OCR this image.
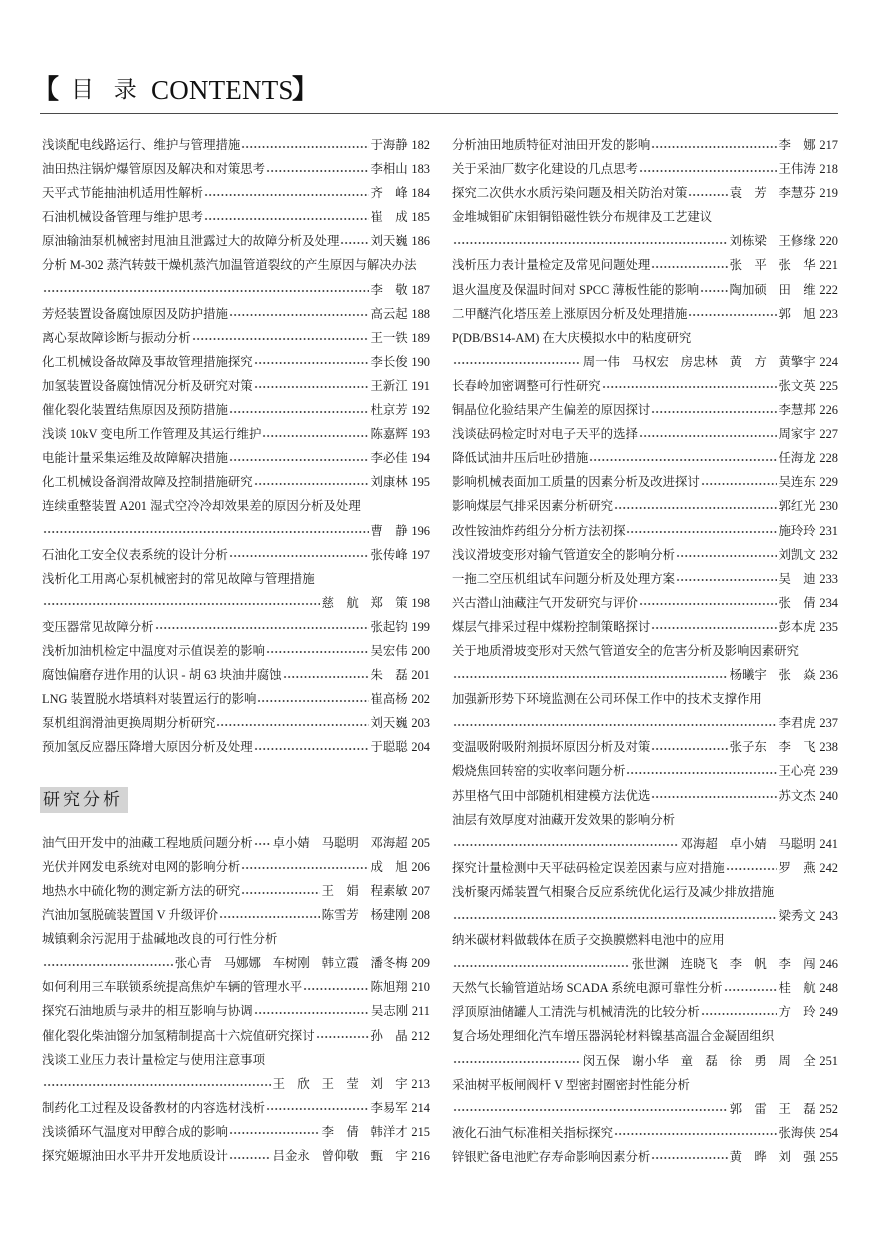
【 目 录 CONTENTS
】
浅谈配电线路运行、维护与管理措施	于海静 182
油田热注锅炉爆管原因及解决和对策思考	李相山 183
天平式节能抽油机适用性解析	齐　峰 184
石油机械设备管理与维护思考	崔　成 185
原油输油泵机械密封甩油且泄露过大的故障分析及处理	刘天巍 186
分析 M-302 蒸汽转鼓干燥机蒸汽加温管道裂纹的产生原因与解决办法
李　敬 187
芳烃装置设备腐蚀原因及防护措施	高云起 188
离心泵故障诊断与振动分析	王一铁 189
化工机械设备故障及事故管理措施探究	李长俊 190
加氢装置设备腐蚀情况分析及研究对策	王新江 191
催化裂化装置结焦原因及预防措施	杜京芳 192
浅谈 10kV 变电所工作管理及其运行维护	陈嘉辉 193
电能计量采集运维及故障解决措施	李必佳 194
化工机械设备润滑故障及控制措施研究	刘康林 195
连续重整装置 A201 湿式空冷冷却效果差的原因分析及处理
曹　静 196
石油化工安全仪表系统的设计分析	张传峰 197
浅析化工用离心泵机械密封的常见故障与管理措施
慈　航 郑　策 198
变压器常见故障分析	张起钧 199
浅析加油机检定中温度对示值误差的影响	吴宏伟 200
腐蚀偏磨存进作用的认识 - 胡 63 块油井腐蚀	朱　磊 201
LNG 装置脱水塔填料对装置运行的影响	崔高杨 202
泵机组润滑油更换周期分析研究	刘天巍 203
预加氢反应器压降增大原因分析及处理	于聪聪 204
研究分析
油气田开发中的油藏工程地质问题分析 卓小婧 马聪明 邓海超 205
光伏并网发电系统对电网的影响分析	成　旭 206
地热水中硫化物的测定新方法的研究	王　娟 程素敏 207
汽油加氢脱硫装置国 V 升级评价	陈雪芳 杨建刚 208
城镇剩余污泥用于盐碱地改良的可行性分析
张心青 马娜娜 车树刚 韩立霞 潘冬梅 209
如何利用三车联锁系统提高焦炉车辆的管理水平	陈旭翔 210
探究石油地质与录井的相互影响与协调	吴志刚 211
催化裂化柴油馏分加氢精制提高十六烷值研究探讨	孙　晶 212
浅谈工业压力表计量检定与使用注意事项
王　欣 王　莹 刘　宇 213
制药化工过程及设备教材的内容选材浅析	李易军 214
浅谈循环气温度对甲醇合成的影响	李　倩 韩洋才 215
探究姬塬油田水平井开发地质设计	吕金永 曾仰敬 甄　宇 216
分析油田地质特征对油田开发的影响	李　娜 217
关于采油厂数字化建设的几点思考	王伟涛 218
探究二次供水水质污染问题及相关防治对策	袁　芳 李慧芬 219
金堆城钼矿床钼铜铅磁性铁分布规律及工艺建议
刘栋梁 王修缘 220
浅析压力表计量检定及常见问题处理	张　平 张　华 221
退火温度及保温时间对 SPCC 薄板性能的影响 陶加硕 田　维 222
二甲醚汽化塔压差上涨原因分析及处理措施	郭　旭 223
P(DB/BS14-AM) 在大庆模拟水中的粘度研究
周一伟 马权宏 房忠林 黄　方 黄擎宇 224
长春岭加密调整可行性研究	张文英 225
铜晶位化验结果产生偏差的原因探讨	李慧邦 226
浅谈砝码检定时对电子天平的选择	周家宇 227
降低试油井压后吐砂措施	任海龙 228
影响机械表面加工质量的因素分析及改进探讨	吴连东 229
影响煤层气排采因素分析研究	郭红光 230
改性铵油炸药组分分析方法初探	施玲玲 231
浅议滑坡变形对输气管道安全的影响分析	刘凯文 232
一拖二空压机组试车问题分析及处理方案	吴　迪 233
兴古潜山油藏注气开发研究与评价	张　倩 234
煤层气排采过程中煤粉控制策略探讨	彭本虎 235
关于地质滑坡变形对天然气管道安全的危害分析及影响因素研究
杨曦宇 张　焱 236
加强新形势下环境监测在公司环保工作中的技术支撑作用
李君虎 237
变温吸附吸附剂损坏原因分析及对策	张子东 李　飞 238
煅烧焦回转窑的实收率问题分析	王心亮 239
苏里格气田中部随机相建模方法优选	苏文杰 240
油层有效厚度对油藏开发效果的影响分析
邓海超 卓小婧 马聪明 241
探究计量检测中天平砝码检定误差因素与应对措施	罗　燕 242
浅析聚丙烯装置气相聚合反应系统优化运行及减少排放措施
梁秀文 243
纳米碳材料做载体在质子交换膜燃料电池中的应用
张世渊 连晓飞 李　帆 李　闯 246
天然气长输管道站场 SCADA 系统电源可靠性分析	桂　航 248
浮顶原油储罐人工清洗与机械清洗的比较分析	方　玲 249
复合场处理细化汽车增压器涡轮材料镍基高温合金凝固组织
闵五保 谢小华 童　磊 徐　勇 周　全 251
采油树平板闸阀杆 V 型密封圈密封性能分析
郭　雷 王　磊 252
液化石油气标准相关指标探究	张海侠 254
锌银贮备电池贮存寿命影响因素分析	黄　晔 刘　强 255
